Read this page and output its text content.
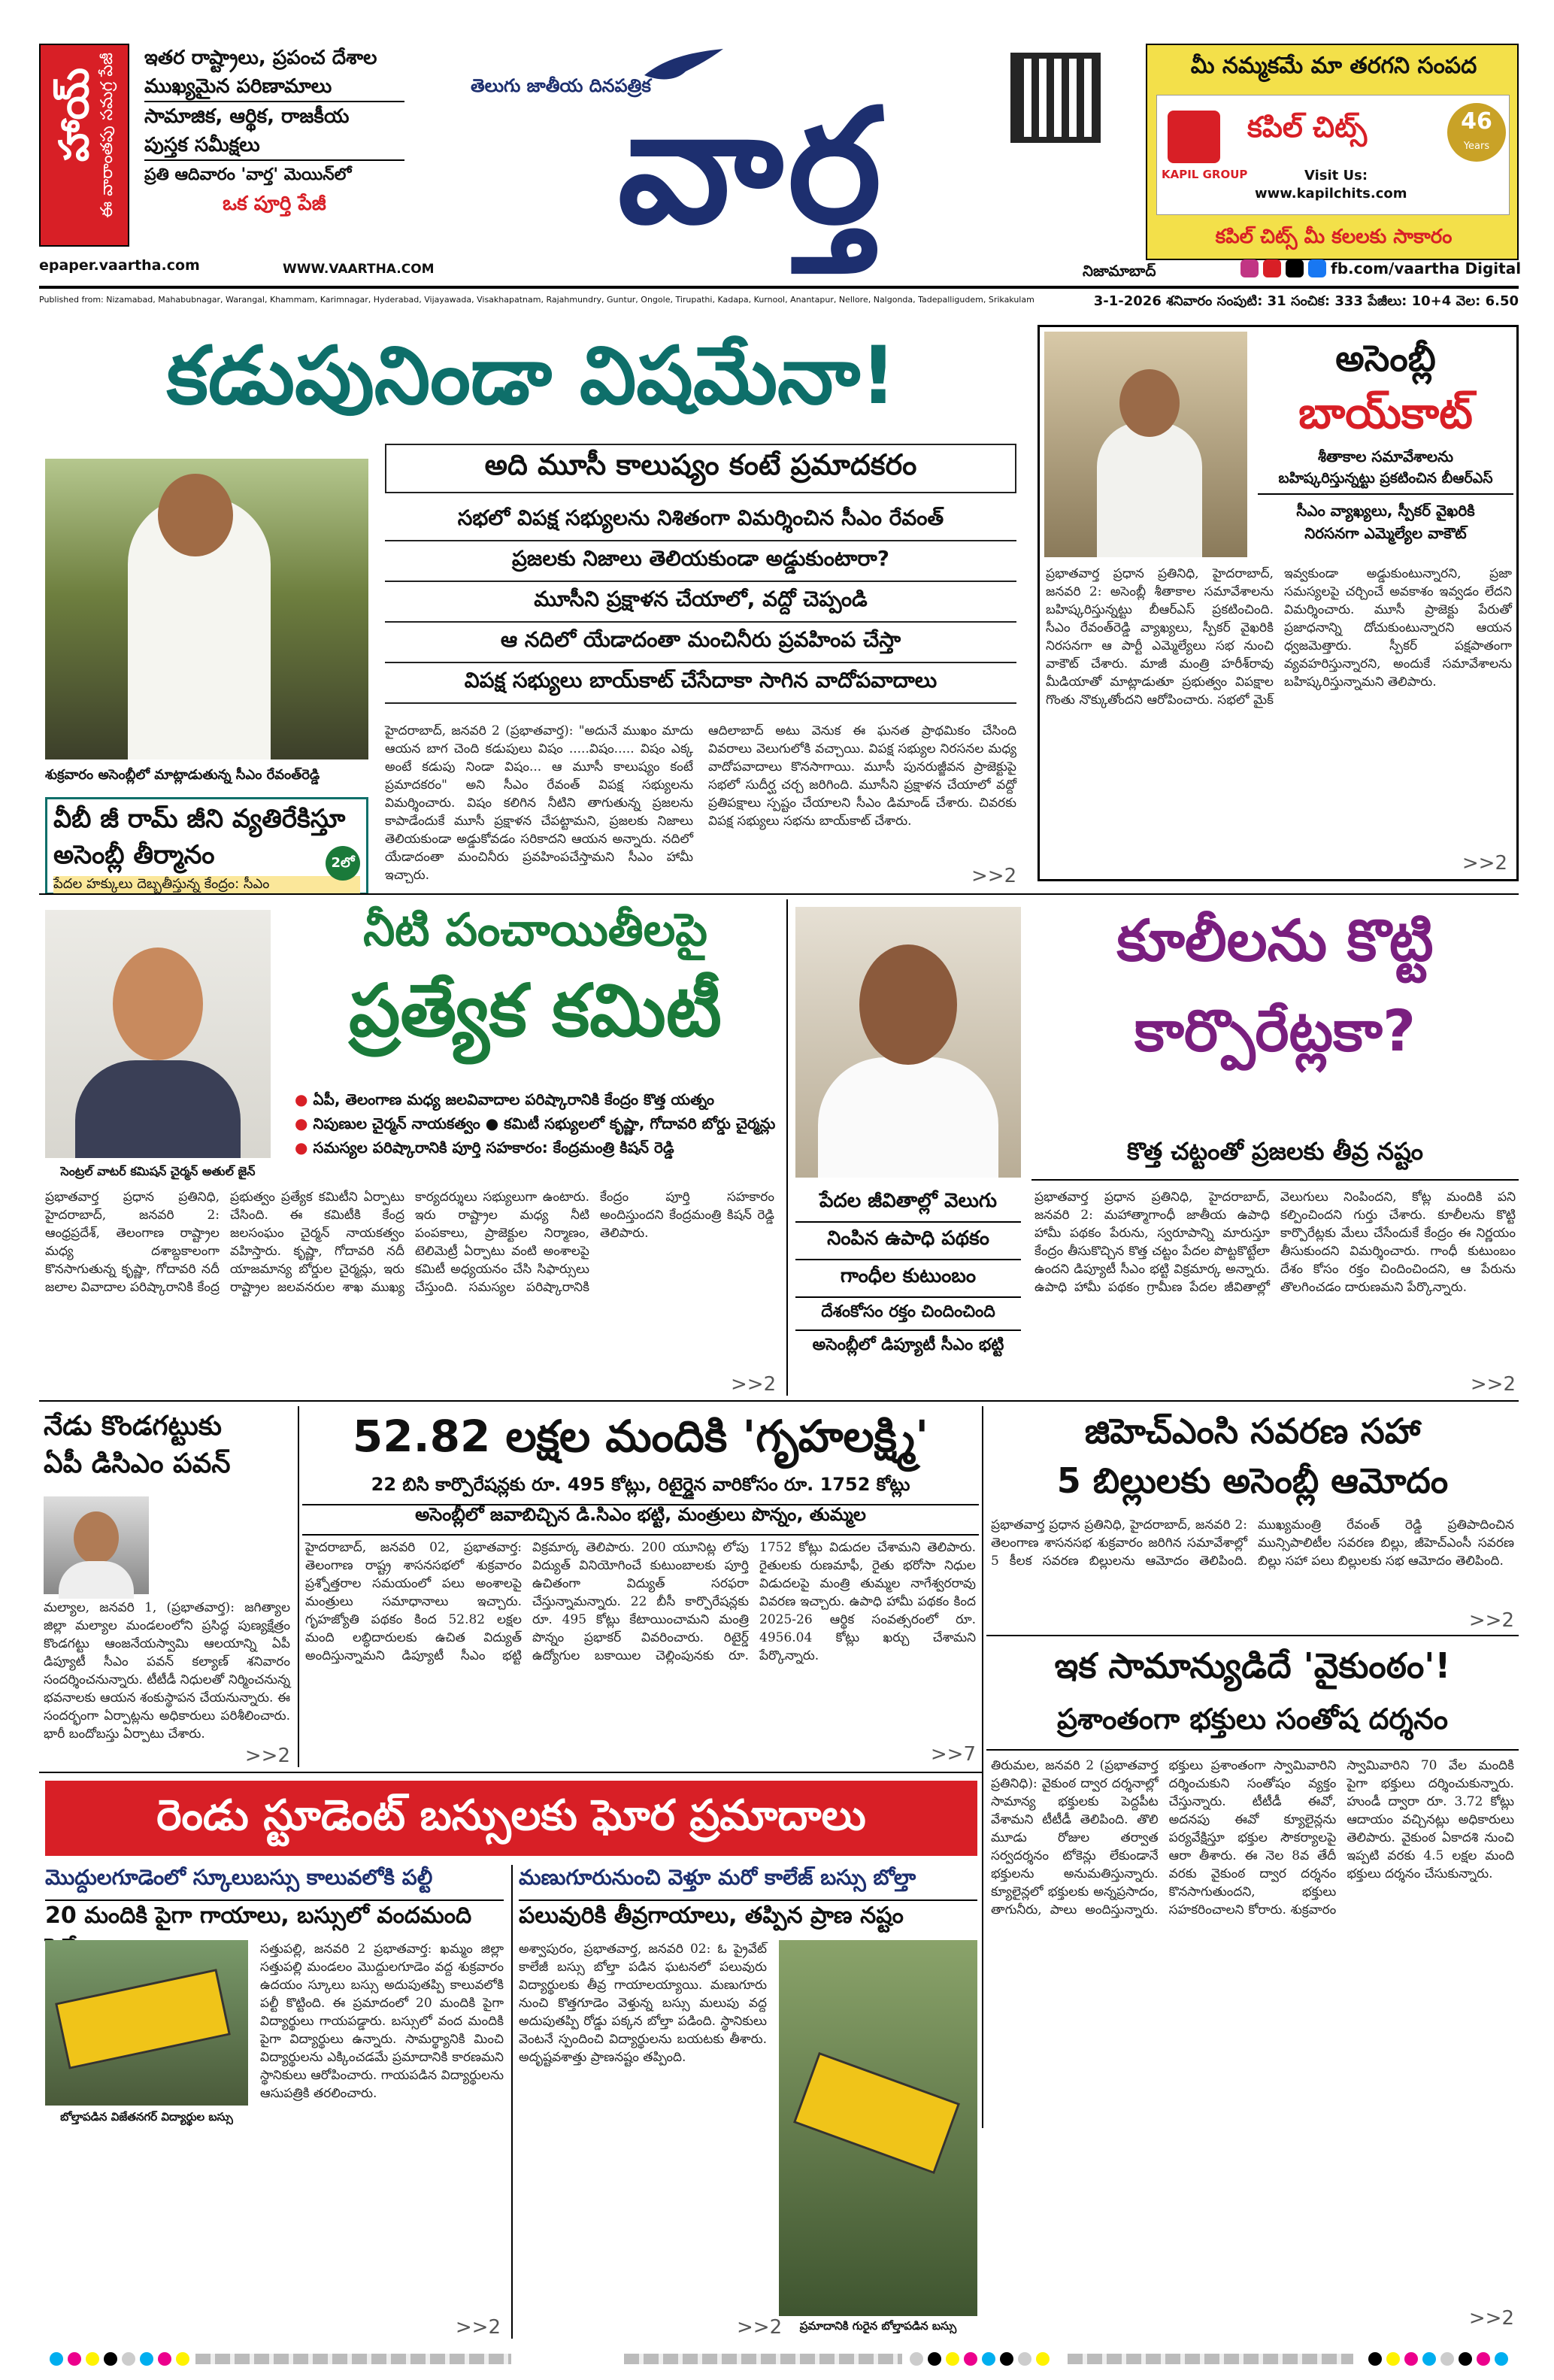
హాయ్ ఈ వారాంతపు సమగ్ర పేజీ ఇతర రాష్ట్రాలు, ప్రపంచ దేశాల
ముఖ్యమైన పరిణామాలు
సామాజిక, ఆర్థిక, రాజకీయ
పుస్తక సమీక్షలు
ప్రతి ఆదివారం 'వార్త' మెయిన్‌లో
ఒక పూర్తి పేజీ
epaper.vaartha.com	WWW.VAARTHA.COM
తెలుగు జాతీయ దినపత్రిక
వార్త
మీ నమ్మకమే మా తరగని సంపద
KAPIL GROUP
కపిల్ చిట్స్
Visit Us:
www.kapilchits.com
46
Years
కపిల్ చిట్స్ మీ కలలకు సాకారం
నిజామాబాద్	fb.com/vaartha Digital
Published from: Nizamabad, Mahabubnagar, Warangal, Khammam, Karimnagar, Hyderabad, Vijayawada, Visakhapatnam, Rajahmundry, Guntur, Ongole, Tirupathi, Kadapa, Kurnool, Anantapur, Nellore, Nalgonda, Tadepalligudem, Srikakulam	3-1-2026 శనివారం సంపుటి: 31 సంచిక: 333 పేజీలు: 10+4 వెల: 6.50
కడుపునిండా విషమేనా!
శుక్రవారం అసెంబ్లీలో మాట్లాడుతున్న సీఎం రేవంత్‌రెడ్డి
వీబీ జీ రామ్ జీని వ్యతిరేకిస్తూ
అసెంబ్లీ తీర్మానం
పేదల హక్కులు దెబ్బతీస్తున్న కేంద్రం: సీఎం
2లో
అది మూసీ కాలుష్యం కంటే ప్రమాదకరం
సభలో విపక్ష సభ్యులను నిశితంగా విమర్శించిన సీఎం రేవంత్
ప్రజలకు నిజాలు తెలియకుండా అడ్డుకుంటారా?
మూసీని ప్రక్షాళన చేయాలో, వద్దో చెప్పండి
ఆ నదిలో యేడాదంతా మంచినీరు ప్రవహింప చేస్తా
విపక్ష సభ్యులు బాయ్‌కాట్ చేసేదాకా సాగిన వాదోపవాదాలు
హైదరాబాద్, జనవరి 2 (ప్రభాతవార్త): "అదునే ముఖం మాదు ఆయన బాగ చెంది కడుపులు విషం .....విషం..... విషం ఎక్క అంటే కడుపు నిండా విషం... ఆ మూసీ కాలుష్యం కంటే ప్రమాదకరం" అని సీఎం రేవంత్ విపక్ష సభ్యులను విమర్శించారు. విషం కలిగిన నీటిని తాగుతున్న ప్రజలను కాపాడేందుకే మూసీ ప్రక్షాళన చేపట్టామని, ప్రజలకు నిజాలు తెలియకుండా అడ్డుకోవడం సరికాదని ఆయన అన్నారు. నదిలో యేడాదంతా మంచినీరు ప్రవహింపచేస్తామని సీఎం హామీ ఇచ్చారు.
ఆదిలాబాద్ అటు వెనుక ఈ ఘనత ప్రాథమికం చేసింది వివరాలు వెలుగులోకి వచ్చాయి. విపక్ష సభ్యుల నిరసనల మధ్య వాదోపవాదాలు కొనసాగాయి. మూసీ పునరుజ్జీవన ప్రాజెక్టుపై సభలో సుదీర్ఘ చర్చ జరిగింది. మూసీని ప్రక్షాళన చేయాలో వద్దో ప్రతిపక్షాలు స్పష్టం చేయాలని సీఎం డిమాండ్ చేశారు. చివరకు విపక్ష సభ్యులు సభను బాయ్‌కాట్ చేశారు.
>>2
అసెంబ్లీ
బాయ్‌కాట్
శీతాకాల సమావేశాలను
బహిష్కరిస్తున్నట్టు ప్రకటించిన బీఆర్‌ఎస్
సీఎం వ్యాఖ్యలు, స్పీకర్ వైఖరికి
నిరసనగా ఎమ్మెల్యేల వాకౌట్
ప్రభాతవార్త ప్రధాన ప్రతినిధి, హైదరాబాద్, జనవరి 2: అసెంబ్లీ శీతాకాల సమావేశాలను బహిష్కరిస్తున్నట్టు బీఆర్‌ఎస్ ప్రకటించింది. సీఎం రేవంత్‌రెడ్డి వ్యాఖ్యలు, స్పీకర్ వైఖరికి నిరసనగా ఆ పార్టీ ఎమ్మెల్యేలు సభ నుంచి వాకౌట్ చేశారు. మాజీ మంత్రి హరీశ్‌రావు మీడియాతో మాట్లాడుతూ ప్రభుత్వం విపక్షాల గొంతు నొక్కుతోందని ఆరోపించారు. సభలో మైక్ ఇవ్వకుండా అడ్డుకుంటున్నారని, ప్రజా సమస్యలపై చర్చించే అవకాశం ఇవ్వడం లేదని విమర్శించారు. మూసీ ప్రాజెక్టు పేరుతో ప్రజాధనాన్ని దోచుకుంటున్నారని ఆయన ధ్వజమెత్తారు. స్పీకర్ పక్షపాతంగా వ్యవహరిస్తున్నారని, అందుకే సమావేశాలను బహిష్కరిస్తున్నామని తెలిపారు.
>>2
సెంట్రల్ వాటర్ కమిషన్ చైర్మన్ అతుల్ జైన్
నీటి పంచాయితీలపై
ప్రత్యేక కమిటీ
● ఏపీ, తెలంగాణ మధ్య జలవివాదాల పరిష్కారానికి కేంద్రం కొత్త యత్నం
● నిపుణుల చైర్మన్ నాయకత్వం ● కమిటీ సభ్యులలో కృష్ణా, గోదావరి బోర్డు చైర్మన్లు
● సమస్యల పరిష్కారానికి పూర్తి సహకారం: కేంద్రమంత్రి కిషన్ రెడ్డి
ప్రభాతవార్త ప్రధాన ప్రతినిధి, హైదరాబాద్, జనవరి 2: ఆంధ్రప్రదేశ్, తెలంగాణ రాష్ట్రాల మధ్య దశాబ్దకాలంగా కొనసాగుతున్న కృష్ణా, గోదావరి నదీ జలాల వివాదాల పరిష్కారానికి కేంద్ర ప్రభుత్వం ప్రత్యేక కమిటీని ఏర్పాటు చేసింది. ఈ కమిటీకి కేంద్ర జలసంఘం చైర్మన్ నాయకత్వం వహిస్తారు. కృష్ణా, గోదావరి నదీ యాజమాన్య బోర్డుల చైర్మన్లు, ఇరు రాష్ట్రాల జలవనరుల శాఖ ముఖ్య కార్యదర్శులు సభ్యులుగా ఉంటారు. ఇరు రాష్ట్రాల మధ్య నీటి పంపకాలు, ప్రాజెక్టుల నిర్మాణం, టెలిమెట్రీ ఏర్పాటు వంటి అంశాలపై కమిటీ అధ్యయనం చేసి సిఫార్సులు చేస్తుంది. సమస్యల పరిష్కారానికి కేంద్రం పూర్తి సహకారం అందిస్తుందని కేంద్రమంత్రి కిషన్ రెడ్డి తెలిపారు.
>>2
పేదల జీవితాల్లో వెలుగు
నింపిన ఉపాధి పథకం
గాంధీల కుటుంబం
దేశంకోసం రక్తం చిందించింది
అసెంబ్లీలో డిప్యూటీ సీఎం భట్టి
కూలీలను కొట్టి
కార్పొరేట్లకా?
కొత్త చట్టంతో ప్రజలకు తీవ్ర నష్టం
ప్రభాతవార్త ప్రధాన ప్రతినిధి, హైదరాబాద్, జనవరి 2: మహాత్మాగాంధీ జాతీయ ఉపాధి హామీ పథకం పేరును, స్వరూపాన్ని మారుస్తూ కేంద్రం తీసుకొచ్చిన కొత్త చట్టం పేదల పొట్టకొట్టేలా ఉందని డిప్యూటీ సీఎం భట్టి విక్రమార్క అన్నారు. ఉపాధి హామీ పథకం గ్రామీణ పేదల జీవితాల్లో వెలుగులు నింపిందని, కోట్ల మందికి పని కల్పించిందని గుర్తు చేశారు. కూలీలను కొట్టి కార్పొరేట్లకు మేలు చేసేందుకే కేంద్రం ఈ నిర్ణయం తీసుకుందని విమర్శించారు. గాంధీ కుటుంబం దేశం కోసం రక్తం చిందించిందని, ఆ పేరును తొలగించడం దారుణమని పేర్కొన్నారు.
>>2
నేడు కొండగట్టుకు
ఏపీ డిసిఎం పవన్
మల్యాల, జనవరి 1, (ప్రభాతవార్త): జగిత్యాల జిల్లా మల్యాల మండలంలోని ప్రసిద్ధ పుణ్యక్షేత్రం కొండగట్టు ఆంజనేయస్వామి ఆలయాన్ని ఏపీ డిప్యూటీ సీఎం పవన్ కల్యాణ్ శనివారం సందర్శించనున్నారు. టీటీడీ నిధులతో నిర్మించనున్న భవనాలకు ఆయన శంకుస్థాపన చేయనున్నారు. ఈ సందర్భంగా ఏర్పాట్లను అధికారులు పరిశీలించారు. భారీ బందోబస్తు ఏర్పాటు చేశారు.
>>2
52.82 లక్షల మందికి 'గృహలక్ష్మి'
22 బిసి కార్పొరేషన్లకు రూ. 495 కోట్లు, రిటైర్డైన వారికోసం రూ. 1752 కోట్లు
అసెంబ్లీలో జవాబిచ్చిన డి.సిఎం భట్టి, మంత్రులు పొన్నం, తుమ్మల
హైదరాబాద్, జనవరి 02, ప్రభాతవార్త: తెలంగాణ రాష్ట్ర శాసనసభలో శుక్రవారం ప్రశ్నోత్తరాల సమయంలో పలు అంశాలపై మంత్రులు సమాధానాలు ఇచ్చారు. గృహజ్యోతి పథకం కింద 52.82 లక్షల మంది లబ్ధిదారులకు ఉచిత విద్యుత్ అందిస్తున్నామని డిప్యూటీ సీఎం భట్టి విక్రమార్క తెలిపారు. 200 యూనిట్ల లోపు విద్యుత్ వినియోగించే కుటుంబాలకు పూర్తి ఉచితంగా విద్యుత్ సరఫరా చేస్తున్నామన్నారు. 22 బీసీ కార్పొరేషన్లకు రూ. 495 కోట్లు కేటాయించామని మంత్రి పొన్నం ప్రభాకర్ వివరించారు. రిటైర్డ్ ఉద్యోగుల బకాయిల చెల్లింపునకు రూ. 1752 కోట్లు విడుదల చేశామని తెలిపారు. రైతులకు రుణమాఫీ, రైతు భరోసా నిధుల విడుదలపై మంత్రి తుమ్మల నాగేశ్వరరావు వివరణ ఇచ్చారు. ఉపాధి హామీ పథకం కింద 2025-26 ఆర్థిక సంవత్సరంలో రూ. 4956.04 కోట్లు ఖర్చు చేశామని పేర్కొన్నారు.
>>7
జిహెచ్ఎంసి సవరణ సహా
5 బిల్లులకు అసెంబ్లీ ఆమోదం
ప్రభాతవార్త ప్రధాన ప్రతినిధి, హైదరాబాద్, జనవరి 2: తెలంగాణ శాసనసభ శుక్రవారం జరిగిన సమావేశాల్లో 5 కీలక సవరణ బిల్లులను ఆమోదం తెలిపింది. ముఖ్యమంత్రి రేవంత్ రెడ్డి ప్రతిపాదించిన మున్సిపాలిటీల సవరణ బిల్లు, జీహెచ్ఎంసీ సవరణ బిల్లు సహా పలు బిల్లులకు సభ ఆమోదం తెలిపింది.
>>2
ఇక సామాన్యుడిదే 'వైకుంఠం'!
ప్రశాంతంగా భక్తులు సంతోష దర్శనం
తిరుమల, జనవరి 2 (ప్రభాతవార్త ప్రతినిధి): వైకుంఠ ద్వార దర్శనాల్లో సామాన్య భక్తులకు పెద్దపీట వేశామని టీటీడీ తెలిపింది. తొలి మూడు రోజుల తర్వాత సర్వదర్శనం టోకెన్లు లేకుండానే భక్తులను అనుమతిస్తున్నారు. క్యూలైన్లలో భక్తులకు అన్నప్రసాదం, తాగునీరు, పాలు అందిస్తున్నారు. భక్తులు ప్రశాంతంగా స్వామివారిని దర్శించుకుని సంతోషం వ్యక్తం చేస్తున్నారు. టీటీడీ ఈవో, అదనపు ఈవో క్యూలైన్లను పర్యవేక్షిస్తూ భక్తుల సౌకర్యాలపై ఆరా తీశారు. ఈ నెల 8వ తేదీ వరకు వైకుంఠ ద్వార దర్శనం కొనసాగుతుందని, భక్తులు సహకరించాలని కోరారు. శుక్రవారం స్వామివారిని 70 వేల మందికి పైగా భక్తులు దర్శించుకున్నారు. హుండీ ద్వారా రూ. 3.72 కోట్లు ఆదాయం వచ్చినట్లు అధికారులు తెలిపారు. వైకుంఠ ఏకాదశి నుంచి ఇప్పటి వరకు 4.5 లక్షల మంది భక్తులు దర్శనం చేసుకున్నారు.
>>2
రెండు స్టూడెంట్ బస్సులకు ఘోర ప్రమాదాలు
మొద్దులగూడెంలో స్కూలుబస్సు కాలువలోకి పల్టీ
20 మందికి పైగా గాయాలు, బస్సులో వందమంది
బోల్తాపడిన విజేతనగర్ విద్యార్థుల బస్సు
సత్తుపల్లి, జనవరి 2 ప్రభాతవార్త: ఖమ్మం జిల్లా సత్తుపల్లి మండలం మొద్దులగూడెం వద్ద శుక్రవారం ఉదయం స్కూలు బస్సు అదుపుతప్పి కాలువలోకి పల్టీ కొట్టింది. ఈ ప్రమాదంలో 20 మందికి పైగా విద్యార్థులు గాయపడ్డారు. బస్సులో వంద మందికి పైగా విద్యార్థులు ఉన్నారు. సామర్థ్యానికి మించి విద్యార్థులను ఎక్కించడమే ప్రమాదానికి కారణమని స్థానికులు ఆరోపించారు. గాయపడిన విద్యార్థులను ఆసుపత్రికి తరలించారు.
>>2
మణుగూరునుంచి వెళ్తూ మరో కాలేజ్ బస్సు బోల్తా
పలువురికి తీవ్రగాయాలు, తప్పిన ప్రాణ నష్టం
అశ్వాపురం, ప్రభాతవార్త, జనవరి 02: ఓ ప్రైవేట్ కాలేజీ బస్సు బోల్తా పడిన ఘటనలో పలువురు విద్యార్థులకు తీవ్ర గాయాలయ్యాయి. మణుగూరు నుంచి కొత్తగూడెం వెళ్తున్న బస్సు మలుపు వద్ద అదుపుతప్పి రోడ్డు పక్కన బోల్తా పడింది. స్థానికులు వెంటనే స్పందించి విద్యార్థులను బయటకు తీశారు. అదృష్టవశాత్తు ప్రాణనష్టం తప్పింది.
ప్రమాదానికి గురైన బోల్తాపడిన బస్సు
>>2
